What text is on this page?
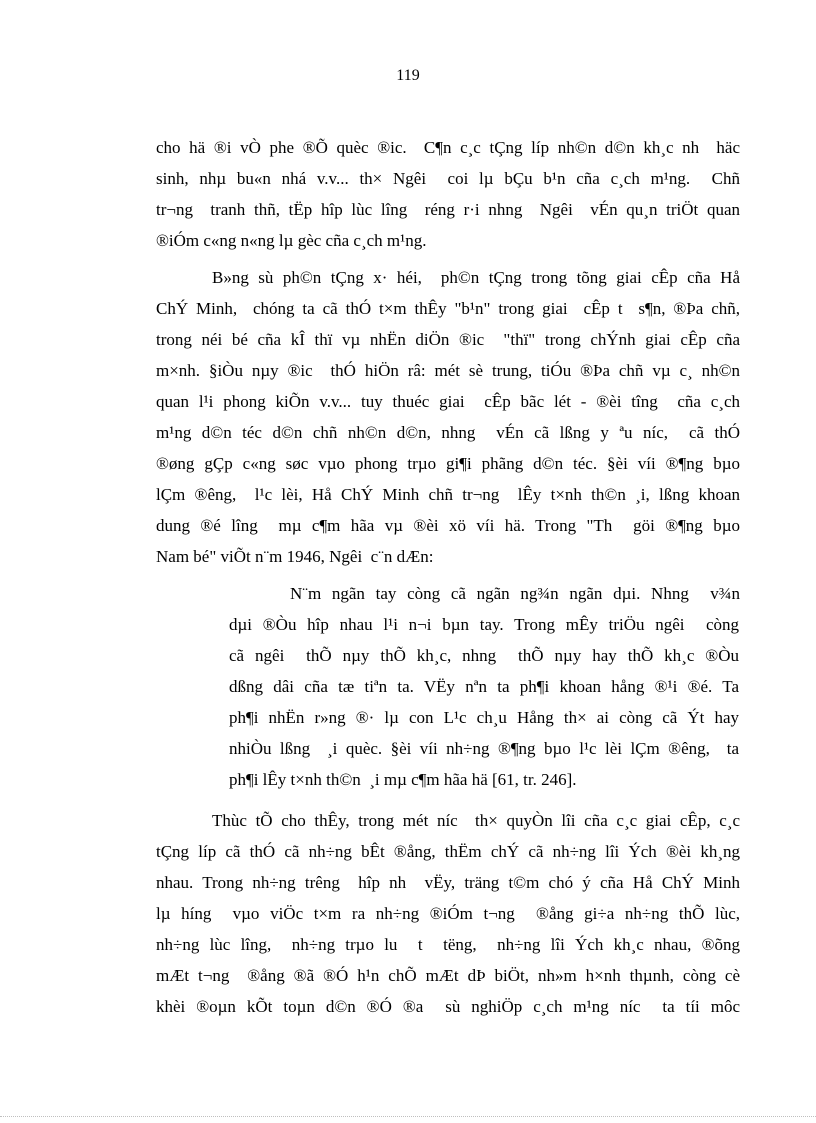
119
cho hä ®i vÒ phe ®Õ quèc ®ic.  C¶n c¸c tÇng líp nh©n d©n kh¸c nh  häc
sinh, nhµ bu«n nhá v.v... th× Ngêi  coi lµ bÇu b¹n cña c¸ch m¹ng.  Chñ
tr¬ng  tranh thñ, tËp hîp lùc lîng  réng r·i nhng  Ngêi  vÉn qu¸n triÖt quan
®iÓm c«ng n«ng lµ gèc cña c¸ch m¹ng.
B»ng sù ph©n tÇng x· héi,  ph©n tÇng trong tõng giai cÊp cña Hå
ChÝ Minh,  chóng ta cã thÓ t×m thÊy "b¹n" trong giai  cÊp t  s¶n, ®Þa chñ,
trong néi bé cña kÎ thï vµ nhËn diÖn ®ic  "thï" trong chÝnh giai cÊp cña
m×nh. §iÒu nµy ®ic  thÓ hiÖn râ: mét sè trung, tiÓu ®Þa chñ vµ c¸ nh©n
quan l¹i phong kiÕn v.v... tuy thuéc giai  cÊp bãc lét - ®èi tîng  cña c¸ch
m¹ng d©n téc d©n chñ nh©n d©n, nhng  vÉn cã lßng y ªu níc,  cã thÓ
®øng gÇp c«ng søc vµo phong trµo gi¶i phãng d©n téc. §èi víi ®¶ng bµo
lÇm ®êng,  l¹c lèi, Hå ChÝ Minh chñ tr¬ng  lÊy t×nh th©n ¸i, lßng khoan
dung ®é lîng  mµ c¶m hãa vµ ®èi xö víi hä. Trong "Th  göi ®¶ng bµo
Nam bé" viÕt n¨m 1946, Ngêi  c¨n dÆn:
N¨m ngãn tay còng cã ngãn ng¾n ngãn dµi. Nhng  v¾n
dµi ®Òu hîp nhau l¹i n¬i bµn tay. Trong mÊy triÖu ngêi  còng
cã ngêi  thÕ nµy thÕ kh¸c, nhng  thÕ nµy hay thÕ kh¸c ®Òu
dßng dâi cña tæ tiªn ta. VËy nªn ta ph¶i khoan hång ®¹i ®é. Ta
ph¶i nhËn r»ng ®· lµ con L¹c ch¸u Hång th× ai còng cã Ýt hay
nhiÒu lßng  ¸i quèc. §èi víi nh÷ng ®¶ng bµo l¹c lèi lÇm ®êng,  ta
ph¶i lÊy t×nh th©n  ¸i mµ c¶m hãa hä [61, tr. 246].
Thùc tÕ cho thÊy, trong mét níc  th× quyÒn lîi cña c¸c giai cÊp, c¸c
tÇng líp cã thÓ cã nh÷ng bÊt ®ång, thËm chÝ cã nh÷ng lîi Ých ®èi kh¸ng
nhau. Trong nh÷ng trêng  hîp nh  vËy, träng t©m chó ý cña Hå ChÝ Minh
lµ híng  vµo viÖc t×m ra nh÷ng ®iÓm t¬ng  ®ång gi÷a nh÷ng thÕ lùc,
nh÷ng lùc lîng,  nh÷ng trµo lu  t  tëng,  nh÷ng lîi Ých kh¸c nhau, ®õng
mÆt t¬ng  ®ång ®ã ®Ó h¹n chÕ mÆt dÞ biÖt, nh»m h×nh thµnh, còng cè
khèi ®oµn kÕt toµn d©n ®Ó ®a  sù nghiÖp c¸ch m¹ng níc  ta tíi môc
